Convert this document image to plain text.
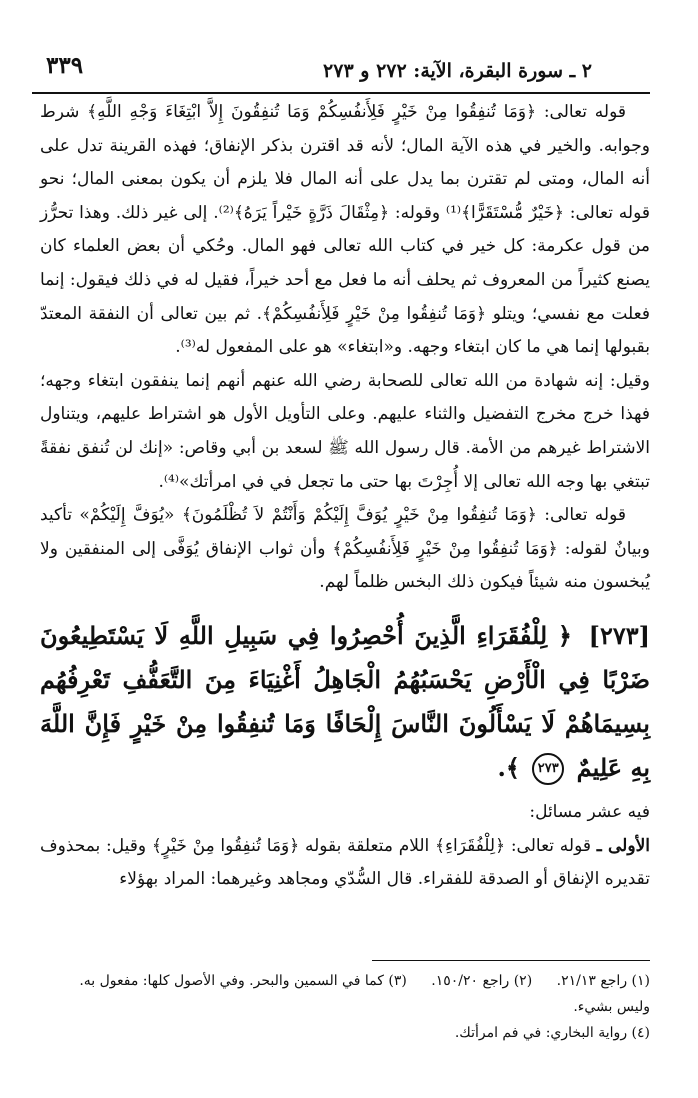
٢ ـ سورة البقرة، الآية: ٢٧٢ و ٢٧٣
٣٣٩

قوله تعالى: ﴿وَمَا تُنفِقُوا مِنْ خَيْرٍ فَلِأَنفُسِكُمْ وَمَا تُنفِقُونَ إِلاَّ ابْتِغَاءَ وَجْهِ اللَّهِ﴾ شرط وجوابه. والخير في هذه الآية المال؛ لأنه قد اقترن بذكر الإنفاق؛ فهذه القرينة تدل على أنه المال، ومتى لم تقترن بما يدل على أنه المال فلا يلزم أن يكون بمعنى المال؛ نحو قوله تعالى: ﴿خَيْرٌ مُّسْتَقَرًّا﴾⁽¹⁾ وقوله: ﴿مِثْقَالَ ذَرَّةٍ خَيْراً يَرَهُ﴾⁽²⁾. إلى غير ذلك. وهذا تحرُّز من قول عكرمة: كل خير في كتاب الله تعالى فهو المال. وحُكي أن بعض العلماء كان يصنع كثيراً من المعروف ثم يحلف أنه ما فعل مع أحد خيراً، فقيل له في ذلك فيقول: إنما فعلت مع نفسي؛ ويتلو ﴿وَمَا تُنفِقُوا مِنْ خَيْرٍ فَلِأَنفُسِكُمْ﴾. ثم بين تعالى أن النفقة المعتدّ بقبولها إنما هي ما كان ابتغاء وجهه. و«ابتغاء» هو على المفعول له⁽³⁾.

وقيل: إنه شهادة من الله تعالى للصحابة رضي الله عنهم أنهم إنما ينفقون ابتغاء وجهه؛ فهذا خرج مخرج التفضيل والثناء عليهم. وعلى التأويل الأول هو اشتراط عليهم، ويتناول الاشتراط غيرهم من الأمة. قال رسول الله ﷺ لسعد بن أبي وقاص: «إنك لن تُنفق نفقةً تبتغي بها وجه الله تعالى إلا أُجِرْتَ بها حتى ما تجعل في في امرأتك»⁽⁴⁾.

قوله تعالى: ﴿وَمَا تُنفِقُوا مِنْ خَيْرٍ يُوَفَّ إِلَيْكُمْ وَأَنْتُمْ لاَ تُظْلَمُونَ﴾ «يُوَفَّ إِلَيْكُمْ» تأكيد وبيانٌ لقوله: ﴿وَمَا تُنفِقُوا مِنْ خَيْرٍ فَلِأَنفُسِكُمْ﴾ وأن ثواب الإنفاق يُوَفَّى إلى المنفقين ولا يُبخسون منه شيئاً فيكون ذلك البخس ظلماً لهم.

[٢٧٣] ﴿ لِلْفُقَرَاءِ الَّذِينَ أُحْصِرُوا فِي سَبِيلِ اللَّهِ لَا يَسْتَطِيعُونَ ضَرْبًا فِي الْأَرْضِ يَحْسَبُهُمُ الْجَاهِلُ أَغْنِيَاءَ مِنَ التَّعَفُّفِ تَعْرِفُهُم بِسِيمَاهُمْ لَا يَسْأَلُونَ النَّاسَ إِلْحَافًا وَمَا تُنفِقُوا مِنْ خَيْرٍ فَإِنَّ اللَّهَ بِهِ عَلِيمٌ ٢٧٣ ﴾.

فيه عشر مسائل:

الأولى ـ قوله تعالى: ﴿لِلْفُقَرَاءِ﴾ اللام متعلقة بقوله ﴿وَمَا تُنفِقُوا مِنْ خَيْرٍ﴾ وقيل: بمحذوف تقديره الإنفاق أو الصدقة للفقراء. قال السُّدّي ومجاهد وغيرهما: المراد بهؤلاء

(١) راجع ٢١/١٣. (٢) راجع ١٥٠/٢٠. (٣) كما في السمين والبحر. وفي الأصول كلها: مفعول به. وليس بشيء.

(٤) رواية البخاري: في فم امرأتك.
